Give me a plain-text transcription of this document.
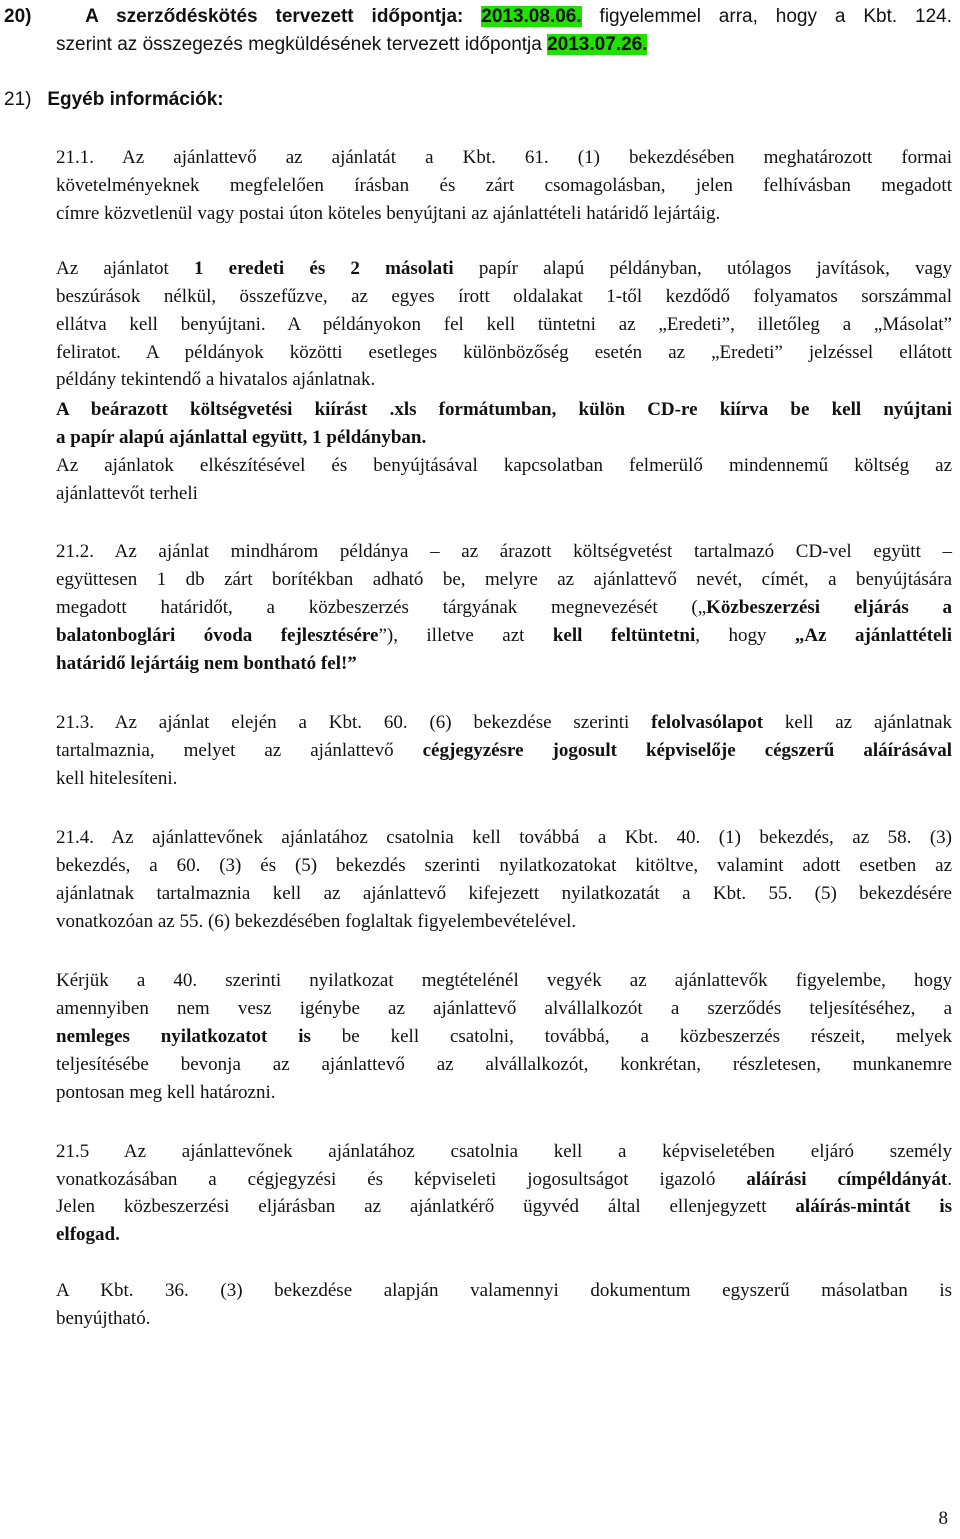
20)	A szerződéskötés tervezett időpontja: 2013.08.06. figyelemmel arra, hogy a Kbt. 124.
szerint az összegezés megküldésének tervezett időpontja 2013.07.26.
21) Egyéb információk:
21.1. Az ajánlattevő az ajánlatát a Kbt. 61. (1) bekezdésében meghatározott formai
követelményeknek megfelelően írásban és zárt csomagolásban, jelen felhívásban megadott
címre közvetlenül vagy postai úton köteles benyújtani az ajánlattételi határidő lejártáig.
Az ajánlatot 1 eredeti és 2 másolati papír alapú példányban, utólagos javítások, vagy
beszúrások nélkül, összefűzve, az egyes írott oldalakat 1-től kezdődő folyamatos sorszámmal
ellátva kell benyújtani. A példányokon fel kell tüntetni az „Eredeti”, illetőleg a „Másolat”
feliratot. A példányok közötti esetleges különbözőség esetén az „Eredeti” jelzéssel ellátott
példány tekintendő a hivatalos ajánlatnak.
A beárazott költségvetési kiírást .xls formátumban, külön CD-re kiírva be kell nyújtani
a papír alapú ajánlattal együtt, 1 példányban.
Az ajánlatok elkészítésével és benyújtásával kapcsolatban felmerülő mindennemű költség az
ajánlattevőt terheli
21.2. Az ajánlat mindhárom példánya – az árazott költségvetést tartalmazó CD-vel együtt –
együttesen 1 db zárt borítékban adható be, melyre az ajánlattevő nevét, címét, a benyújtására
megadott határidőt, a közbeszerzés tárgyának megnevezését („Közbeszerzési eljárás a
balatonboglári óvoda fejlesztésére”), illetve azt kell feltüntetni, hogy „Az ajánlattételi
határidő lejártáig nem bontható fel!”
21.3. Az ajánlat elején a Kbt. 60. (6) bekezdése szerinti felolvasólapot kell az ajánlatnak
tartalmaznia, melyet az ajánlattevő cégjegyzésre jogosult képviselője cégszerű aláírásával
kell hitelesíteni.
21.4. Az ajánlattevőnek ajánlatához csatolnia kell továbbá a Kbt. 40. (1) bekezdés, az 58. (3)
bekezdés, a 60. (3) és (5) bekezdés szerinti nyilatkozatokat kitöltve, valamint adott esetben az
ajánlatnak tartalmaznia kell az ajánlattevő kifejezett nyilatkozatát a Kbt. 55. (5) bekezdésére
vonatkozóan az 55. (6) bekezdésében foglaltak figyelembevételével.
Kérjük a 40. szerinti nyilatkozat megtételénél vegyék az ajánlattevők figyelembe, hogy
amennyiben nem vesz igénybe az ajánlattevő alvállalkozót a szerződés teljesítéséhez, a
nemleges nyilatkozatot is be kell csatolni, továbbá, a közbeszerzés részeit, melyek
teljesítésébe bevonja az ajánlattevő az alvállalkozót, konkrétan, részletesen, munkanemre
pontosan meg kell határozni.
21.5 Az ajánlattevőnek ajánlatához csatolnia kell a képviseletében eljáró személy
vonatkozásában a cégjegyzési és képviseleti jogosultságot igazoló aláírási címpéldányát.
Jelen közbeszerzési eljárásban az ajánlatkérő ügyvéd által ellenjegyzett aláírás-mintát is
elfogad.
A Kbt. 36. (3) bekezdése alapján valamennyi dokumentum egyszerű másolatban is
benyújtható.
8
